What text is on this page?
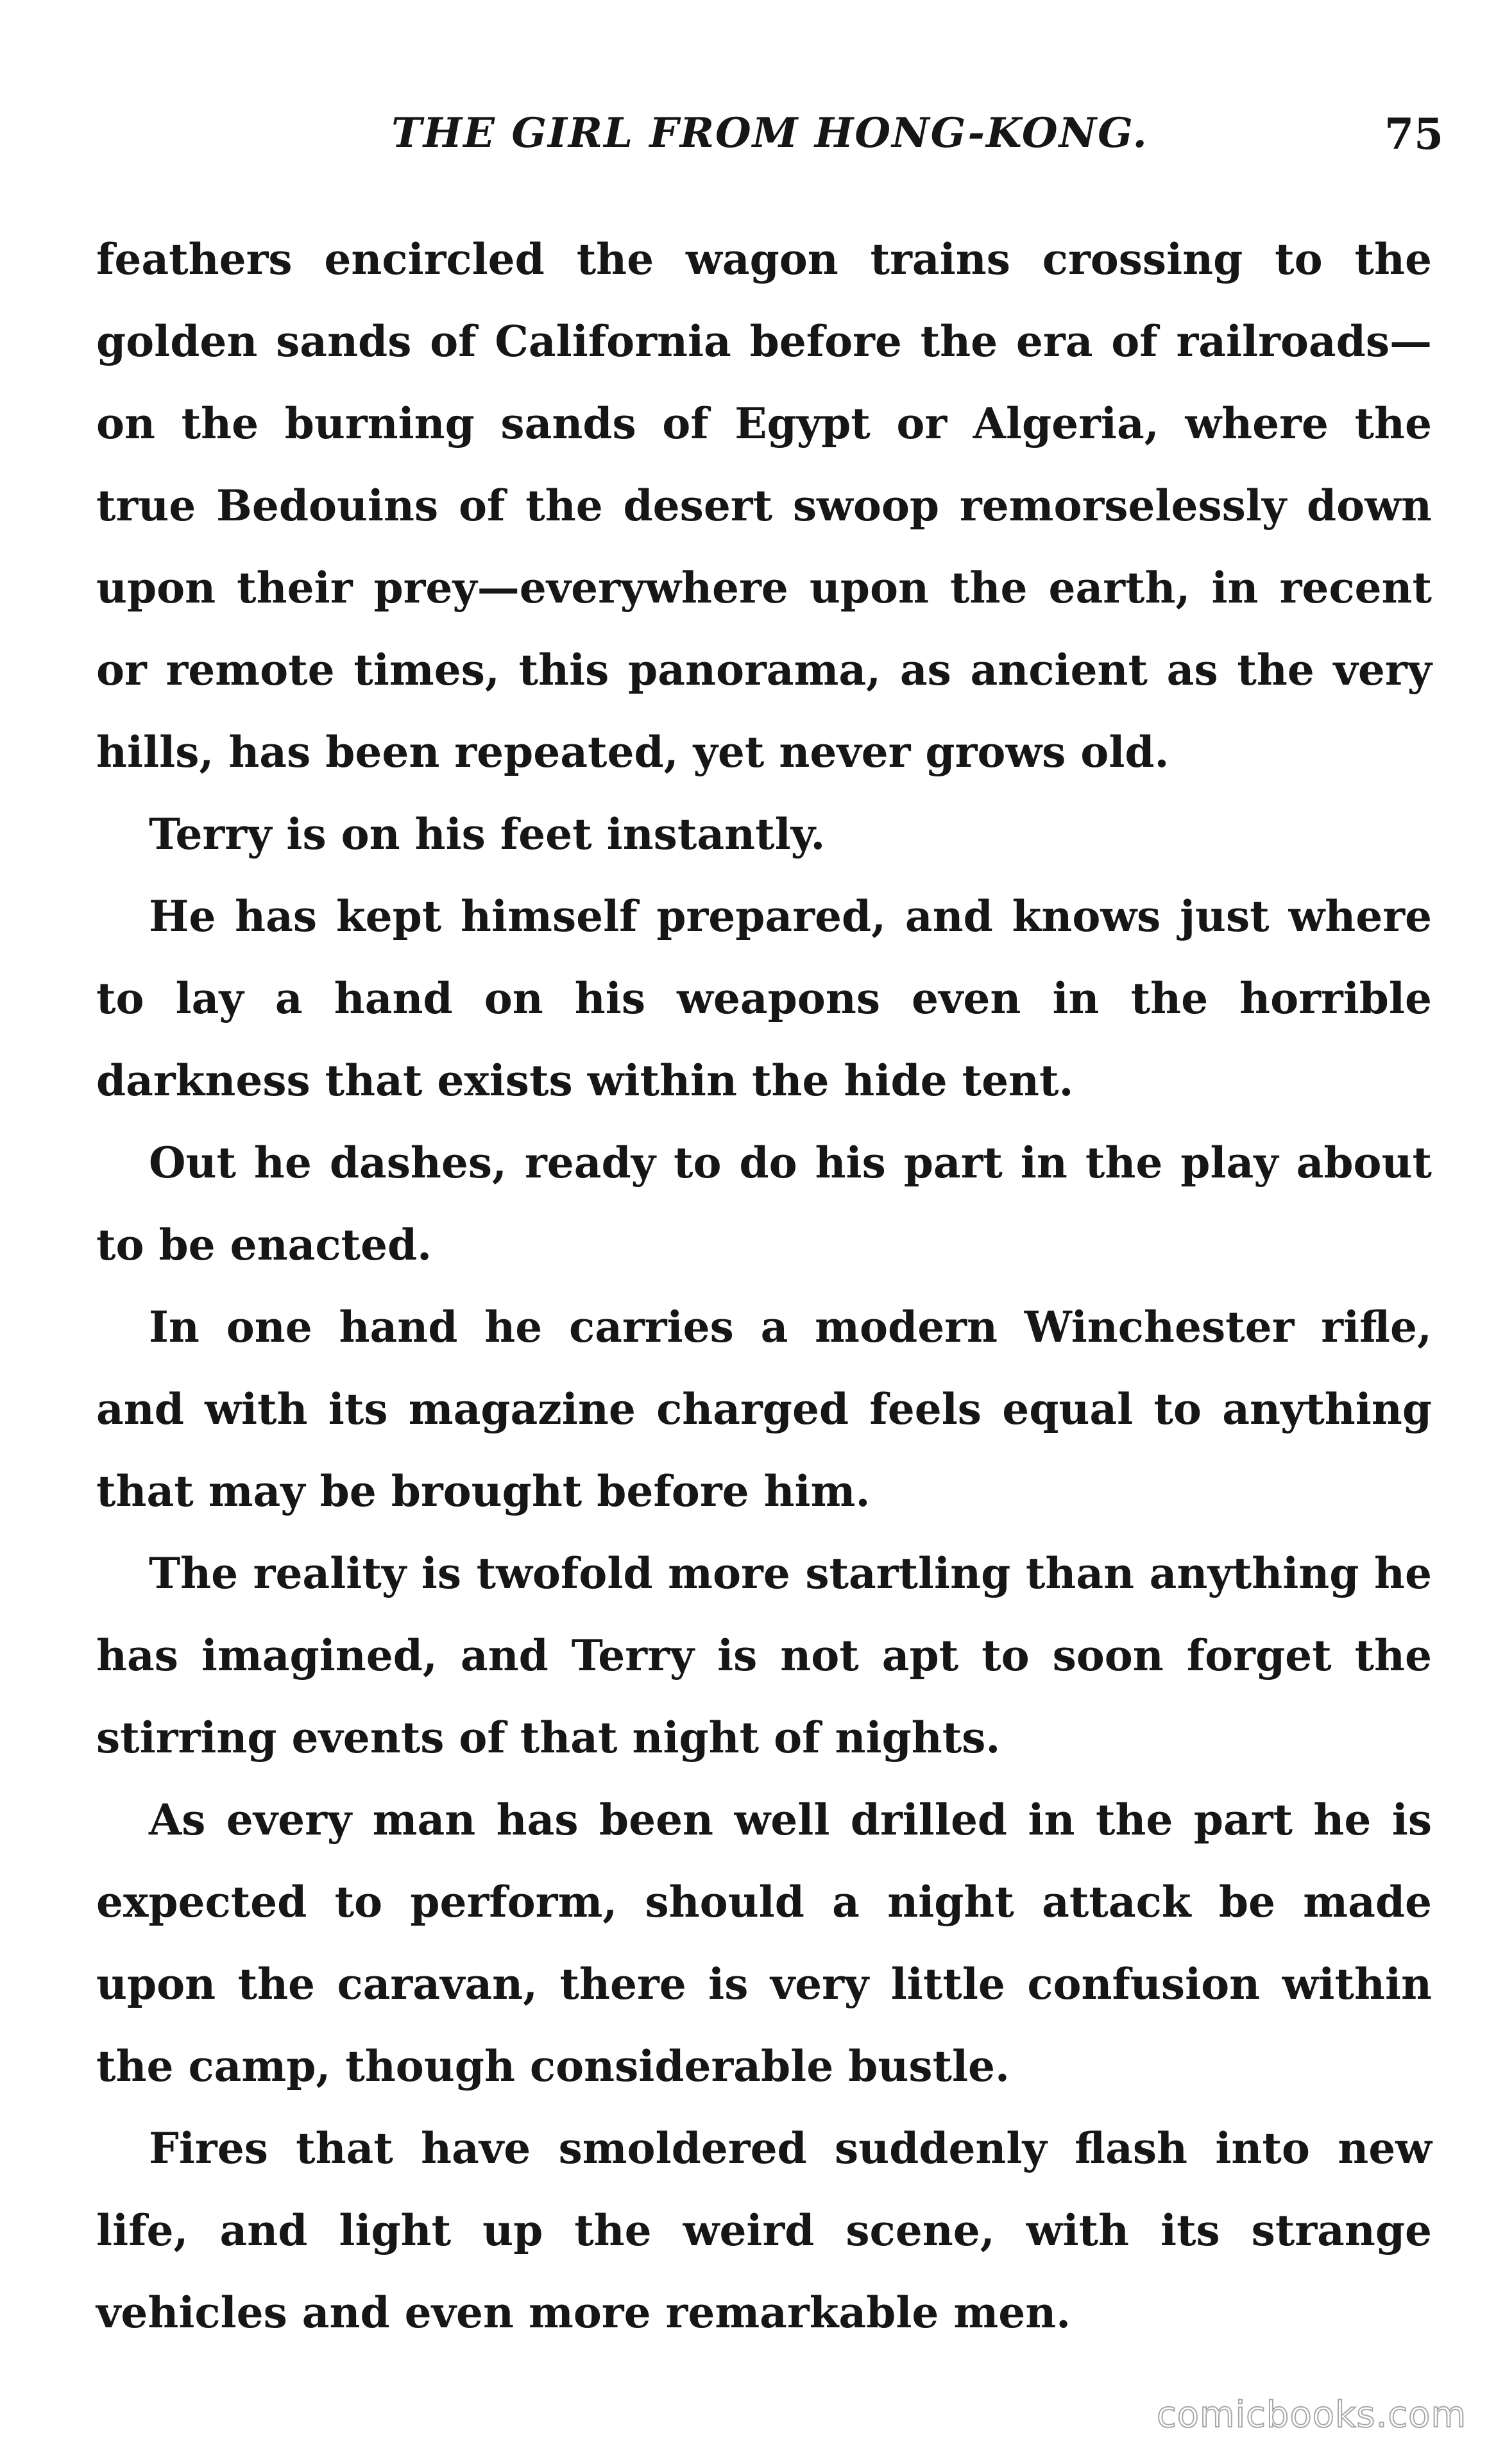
THE GIRL FROM HONG-KONG.	75

feathers encircled the wagon trains crossing to the golden sands of California before the era of railroads—on the burning sands of Egypt or Algeria, where the true Bedouins of the desert swoop remorselessly down upon their prey—everywhere upon the earth, in recent or remote times, this panorama, as ancient as the very hills, has been repeated, yet never grows old.

Terry is on his feet instantly.

He has kept himself prepared, and knows just where to lay a hand on his weapons even in the horrible darkness that exists within the hide tent.

Out he dashes, ready to do his part in the play about to be enacted.

In one hand he carries a modern Winchester rifle, and with its magazine charged feels equal to anything that may be brought before him.

The reality is twofold more startling than anything he has imagined, and Terry is not apt to soon forget the stirring events of that night of nights.

As every man has been well drilled in the part he is expected to perform, should a night attack be made upon the caravan, there is very little confusion within the camp, though considerable bustle.

Fires that have smoldered suddenly flash into new life, and light up the weird scene, with its strange vehicles and even more remarkable men.

comicbooks.com
